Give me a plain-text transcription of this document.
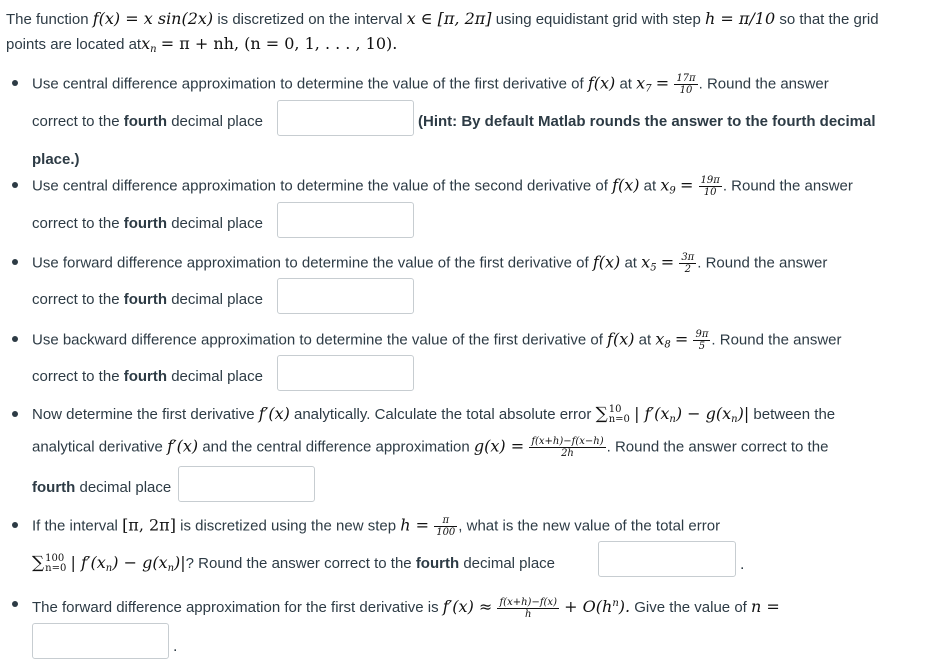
The function f(x) = x sin(2x) is discretized on the interval x ∈ [π, 2π] using equidistant grid with step h = π/10 so that the grid
points are located atx$_n$ = π + nh, (n = 0, 1, . . . , 10).
Use central difference approximation to determine the value of the first derivative of f(x) at $x_7 = \frac{17\pi}{10}$ . Round the answer
correct to the fourth decimal place	(Hint: By default Matlab rounds the answer to the fourth decimal
place.)
Use central difference approximation to determine the value of the second derivative of f(x) at $x_9 = \frac{19\pi}{10}$ . Round the answer
correct to the fourth decimal place
Use forward difference approximation to determine the value of the first derivative of f(x) at $x_5 = \frac{3\pi}{2}$ . Round the answer
correct to the fourth decimal place
Use backward difference approximation to determine the value of the first derivative of f(x) at $x_8 = \frac{9\pi}{5}$ . Round the answer
correct to the fourth decimal place
Now determine the first derivative f′(x) analytically. Calculate the total absolute error ∑ 10
n=0 | $f'(x_n) - g(x_n)|$ between the
analytical derivative f′(x) and the central difference approximation $g(x) = \frac{f(x+h)-f(x-h)}{2h}$ . Round the answer correct to the
fourth decimal place
If the interval [π, 2π] is discretized using the new step $h = \frac{\pi}{100}$ , what is the new value of the total error
∑ 100
n=0 | $f'(x_n) - g(x_n)|$? Round the answer correct to the fourth decimal place	.
The forward difference approximation for the first derivative is $f'(x) \approx \frac{f(x+h)-f(x)}{h} + O(h^n)$. Give the value of n =
.
